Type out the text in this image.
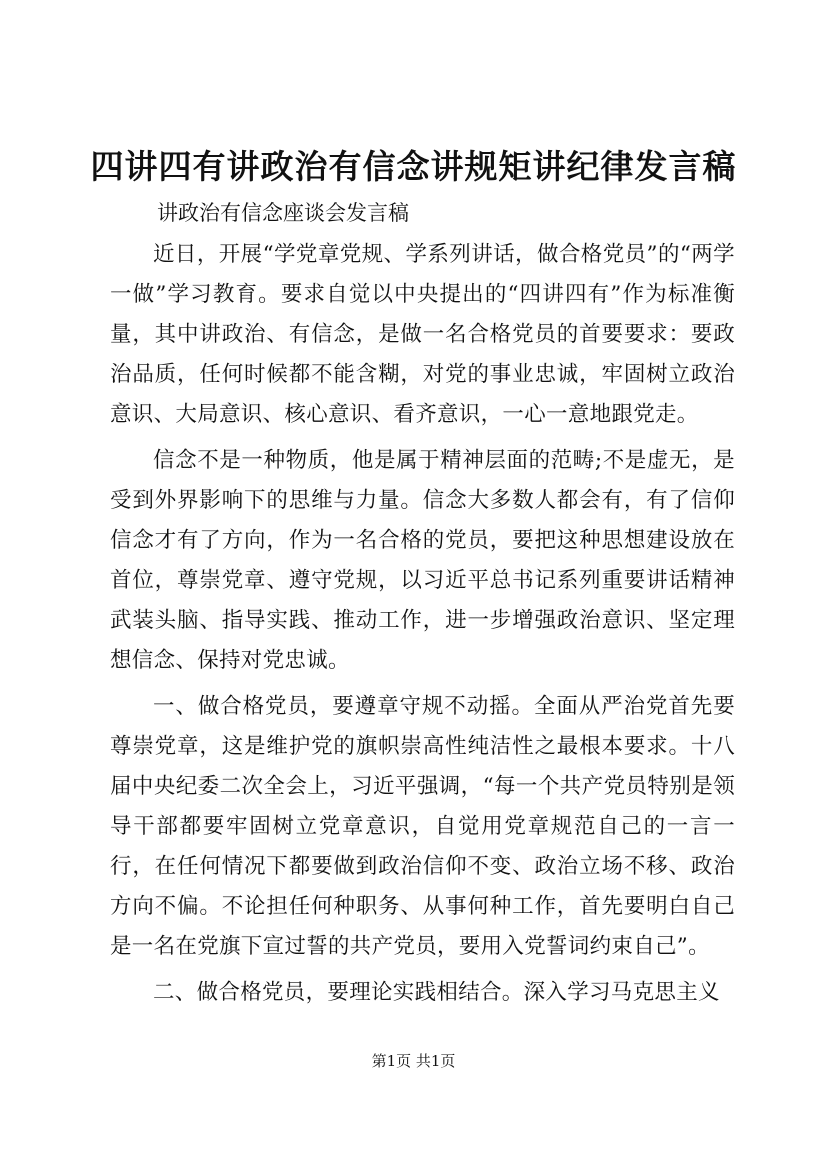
四讲四有讲政治有信念讲规矩讲纪律发言稿

讲政治有信念座谈会发言稿

近日，开展“学党章党规、学系列讲话，做合格党员”的“两学一做”学习教育。要求自觉以中央提出的“四讲四有”作为标准衡量，其中讲政治、有信念，是做一名合格党员的首要要求：要政治品质，任何时候都不能含糊，对党的事业忠诚，牢固树立政治意识、大局意识、核心意识、看齐意识，一心一意地跟党走。

信念不是一种物质，他是属于精神层面的范畴;不是虚无，是受到外界影响下的思维与力量。信念大多数人都会有，有了信仰信念才有了方向，作为一名合格的党员，要把这种思想建设放在首位，尊崇党章、遵守党规，以习近平总书记系列重要讲话精神武装头脑、指导实践、推动工作，进一步增强政治意识、坚定理想信念、保持对党忠诚。

一、做合格党员，要遵章守规不动摇。全面从严治党首先要尊崇党章，这是维护党的旗帜崇高性纯洁性之最根本要求。十八届中央纪委二次全会上，习近平强调，“每一个共产党员特别是领导干部都要牢固树立党章意识，自觉用党章规范自己的一言一行，在任何情况下都要做到政治信仰不变、政治立场不移、政治方向不偏。不论担任何种职务、从事何种工作，首先要明白自己是一名在党旗下宣过誓的共产党员，要用入党誓词约束自己”。

二、做合格党员，要理论实践相结合。深入学习马克思主义

第1页 共1页
